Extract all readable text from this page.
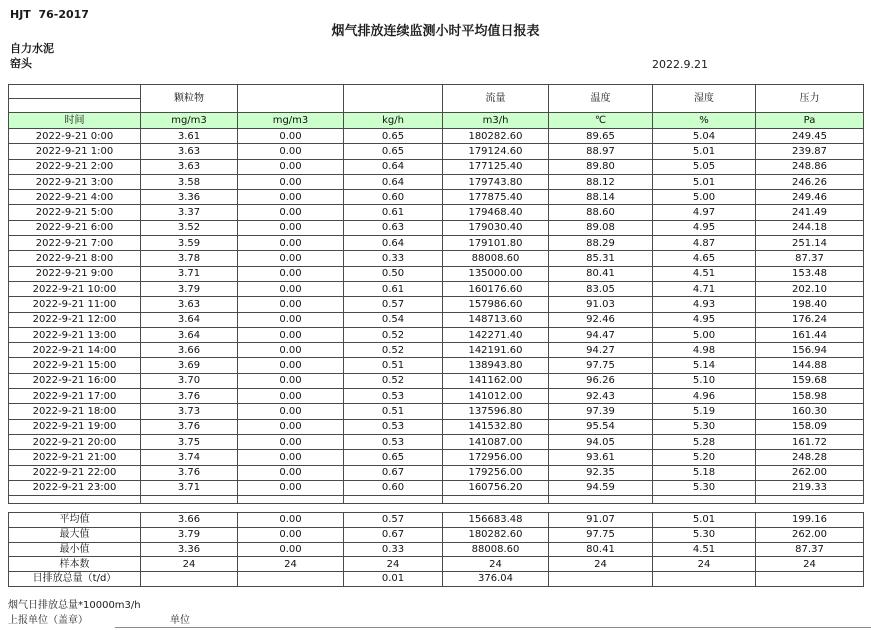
HJT  76-2017
烟气排放连续监测小时平均值日报表
自力水泥
窑头	2022.9.21
	颗粒物			流量	温度	湿度	压力

时间	mg/m3	mg/m3	kg/h	m3/h	℃	%	Pa
2022-9-21 0:00	3.61	0.00	0.65	180282.60	89.65	5.04	249.45
2022-9-21 1:00	3.63	0.00	0.65	179124.60	88.97	5.01	239.87
2022-9-21 2:00	3.63	0.00	0.64	177125.40	89.80	5.05	248.86
2022-9-21 3:00	3.58	0.00	0.64	179743.80	88.12	5.01	246.26
2022-9-21 4:00	3.36	0.00	0.60	177875.40	88.14	5.00	249.46
2022-9-21 5:00	3.37	0.00	0.61	179468.40	88.60	4.97	241.49
2022-9-21 6:00	3.52	0.00	0.63	179030.40	89.08	4.95	244.18
2022-9-21 7:00	3.59	0.00	0.64	179101.80	88.29	4.87	251.14
2022-9-21 8:00	3.78	0.00	0.33	88008.60	85.31	4.65	87.37
2022-9-21 9:00	3.71	0.00	0.50	135000.00	80.41	4.51	153.48
2022-9-21 10:00	3.79	0.00	0.61	160176.60	83.05	4.71	202.10
2022-9-21 11:00	3.63	0.00	0.57	157986.60	91.03	4.93	198.40
2022-9-21 12:00	3.64	0.00	0.54	148713.60	92.46	4.95	176.24
2022-9-21 13:00	3.64	0.00	0.52	142271.40	94.47	5.00	161.44
2022-9-21 14:00	3.66	0.00	0.52	142191.60	94.27	4.98	156.94
2022-9-21 15:00	3.69	0.00	0.51	138943.80	97.75	5.14	144.88
2022-9-21 16:00	3.70	0.00	0.52	141162.00	96.26	5.10	159.68
2022-9-21 17:00	3.76	0.00	0.53	141012.00	92.43	4.96	158.98
2022-9-21 18:00	3.73	0.00	0.51	137596.80	97.39	5.19	160.30
2022-9-21 19:00	3.76	0.00	0.53	141532.80	95.54	5.30	158.09
2022-9-21 20:00	3.75	0.00	0.53	141087.00	94.05	5.28	161.72
2022-9-21 21:00	3.74	0.00	0.65	172956.00	93.61	5.20	248.28
2022-9-21 22:00	3.76	0.00	0.67	179256.00	92.35	5.18	262.00
2022-9-21 23:00	3.71	0.00	0.60	160756.20	94.59	5.30	219.33

平均值	3.66	0.00	0.57	156683.48	91.07	5.01	199.16
最大值	3.79	0.00	0.67	180282.60	97.75	5.30	262.00
最小值	3.36	0.00	0.33	88008.60	80.41	4.51	87.37
样本数	24	24	24	24	24	24	24
日排放总量（t/d）			0.01	376.04			
烟气日排放总量*10000m3/h
上报单位（盖章）	单位
